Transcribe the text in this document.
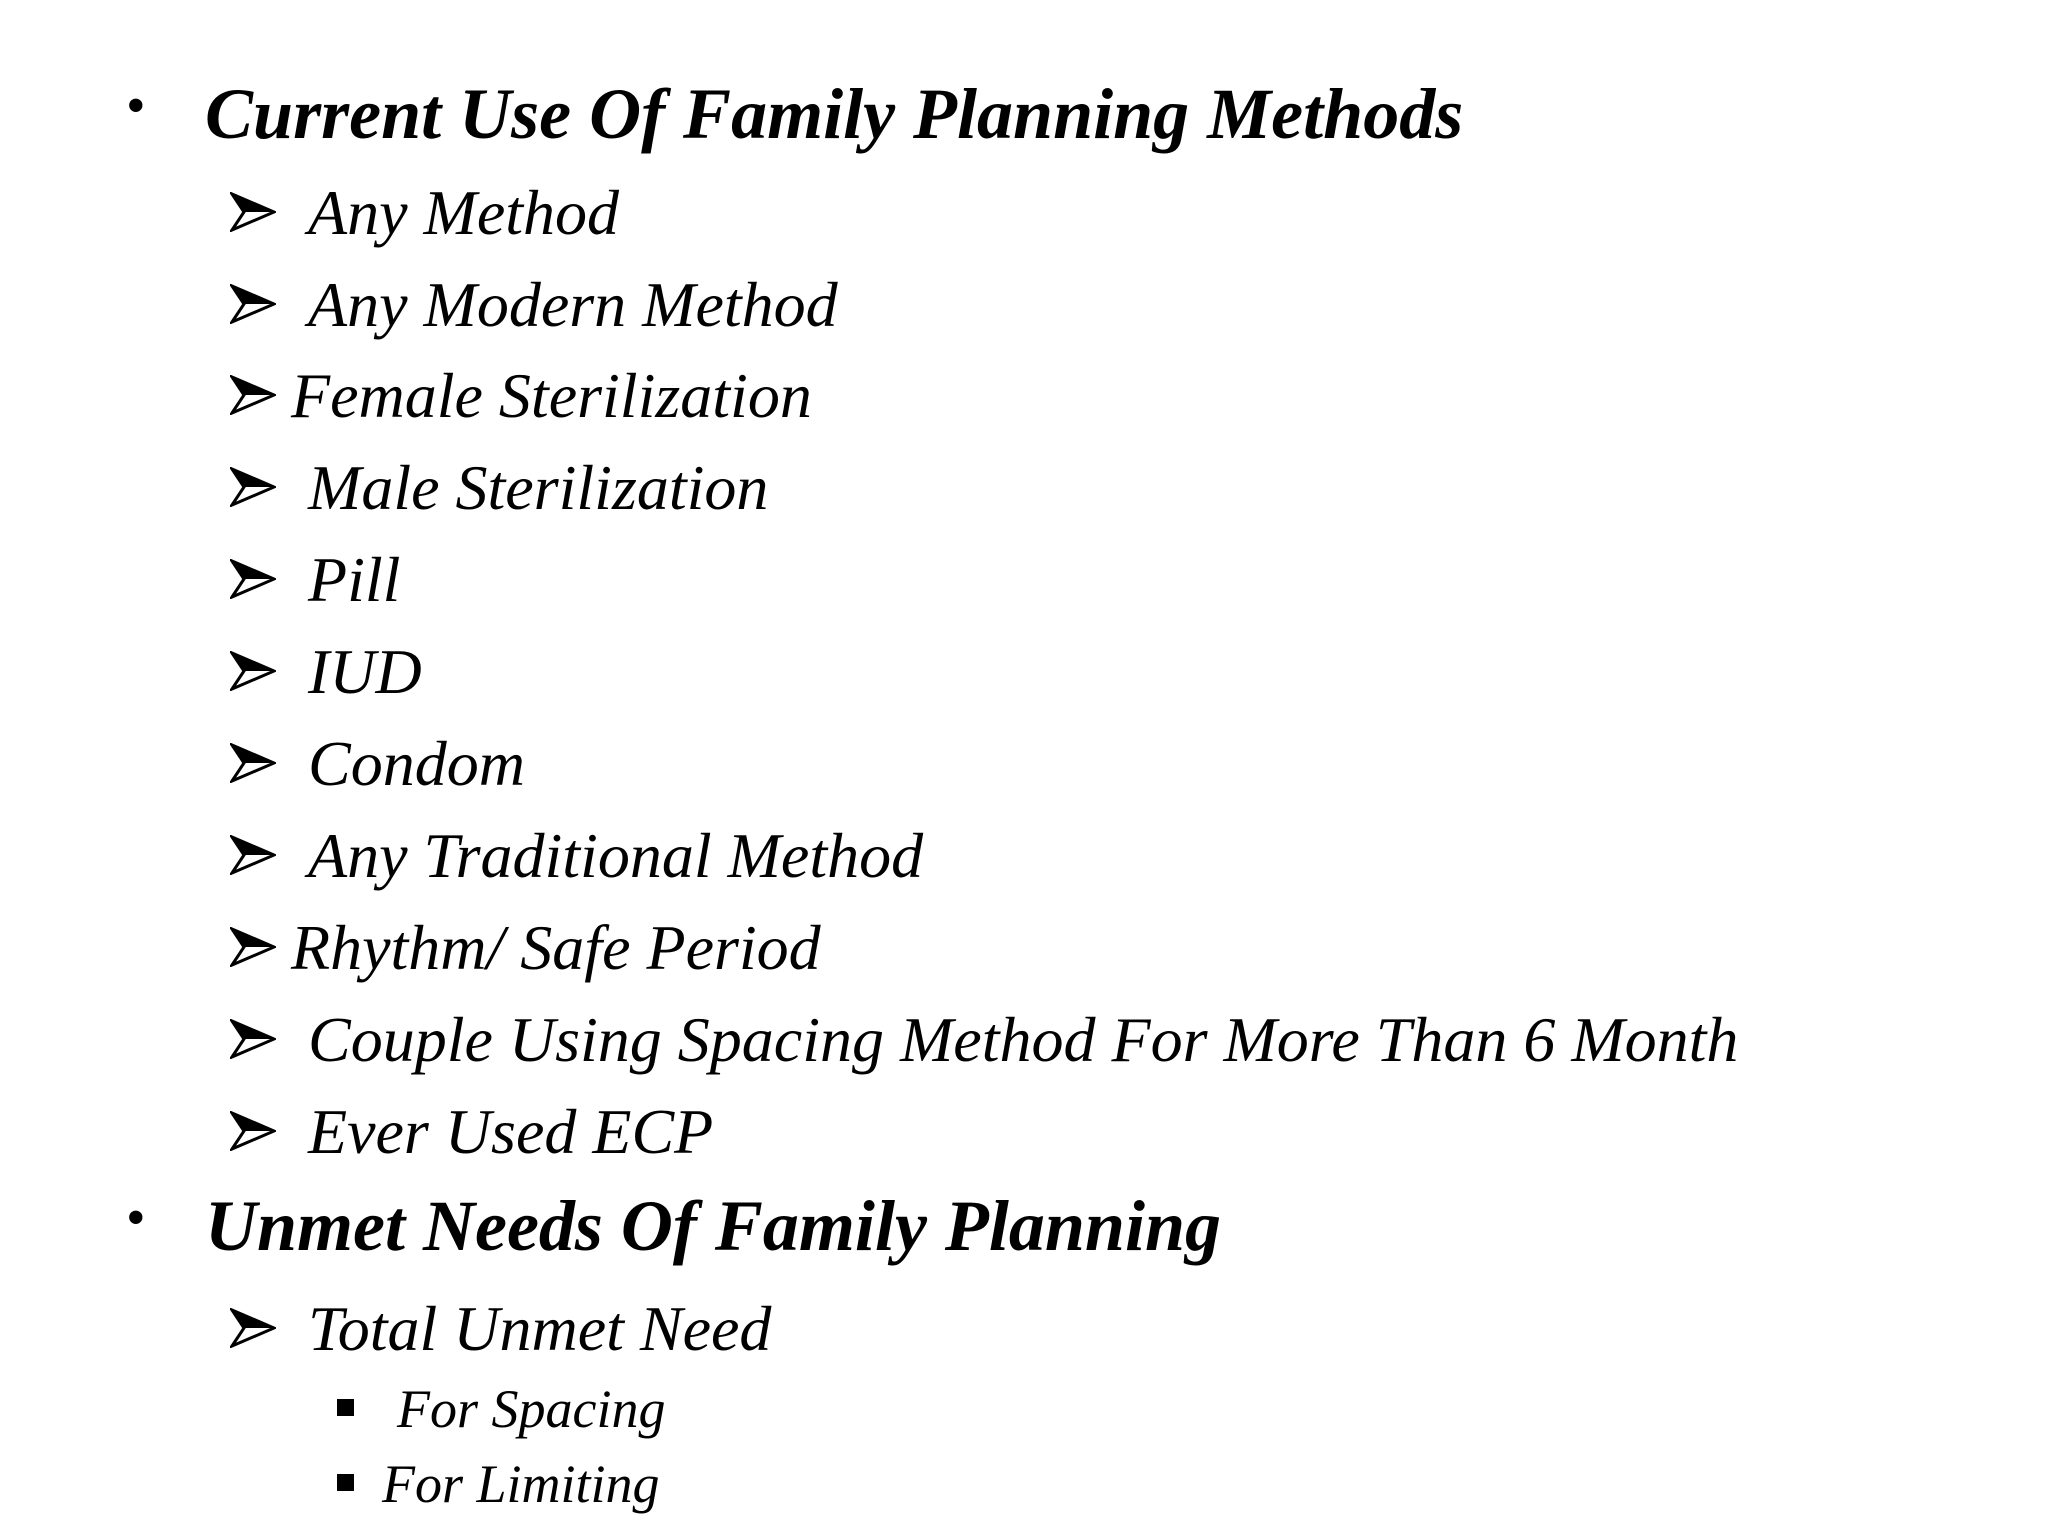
• Current Use Of Family Planning Methods
Any Method
Any Modern Method
Female Sterilization
Male Sterilization
Pill
IUD
Condom
Any Traditional Method
Rhythm/ Safe Period
Couple Using Spacing Method For More Than 6 Month
Ever Used ECP
• Unmet Needs Of Family Planning
Total Unmet Need
For Spacing
For Limiting
